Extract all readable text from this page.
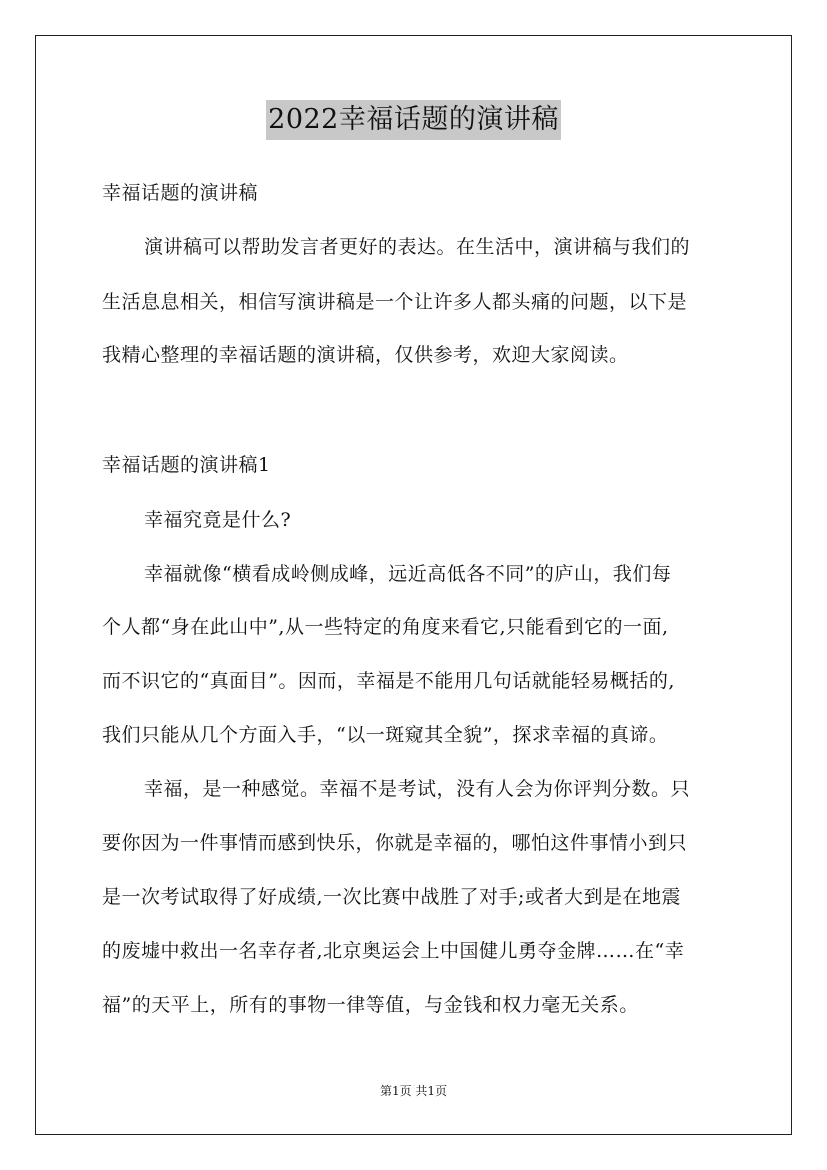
2022幸福话题的演讲稿
幸福话题的演讲稿
演讲稿可以帮助发言者更好的表达。在生活中，演讲稿与我们的
生活息息相关，相信写演讲稿是一个让许多人都头痛的问题，以下是
我精心整理的幸福话题的演讲稿，仅供参考，欢迎大家阅读。
幸福话题的演讲稿1
幸福究竟是什么?
幸福就像“横看成岭侧成峰，远近高低各不同”的庐山，我们每
个人都“身在此山中”,从一些特定的角度来看它,只能看到它的一面,
而不识它的“真面目”。因而，幸福是不能用几句话就能轻易概括的,
我们只能从几个方面入手，“以一斑窥其全貌”，探求幸福的真谛。
幸福，是一种感觉。幸福不是考试，没有人会为你评判分数。只
要你因为一件事情而感到快乐，你就是幸福的，哪怕这件事情小到只
是一次考试取得了好成绩,一次比赛中战胜了对手;或者大到是在地震
的废墟中救出一名幸存者,北京奥运会上中国健儿勇夺金牌……在“幸
福”的天平上，所有的事物一律等值，与金钱和权力毫无关系。
第1页 共1页
